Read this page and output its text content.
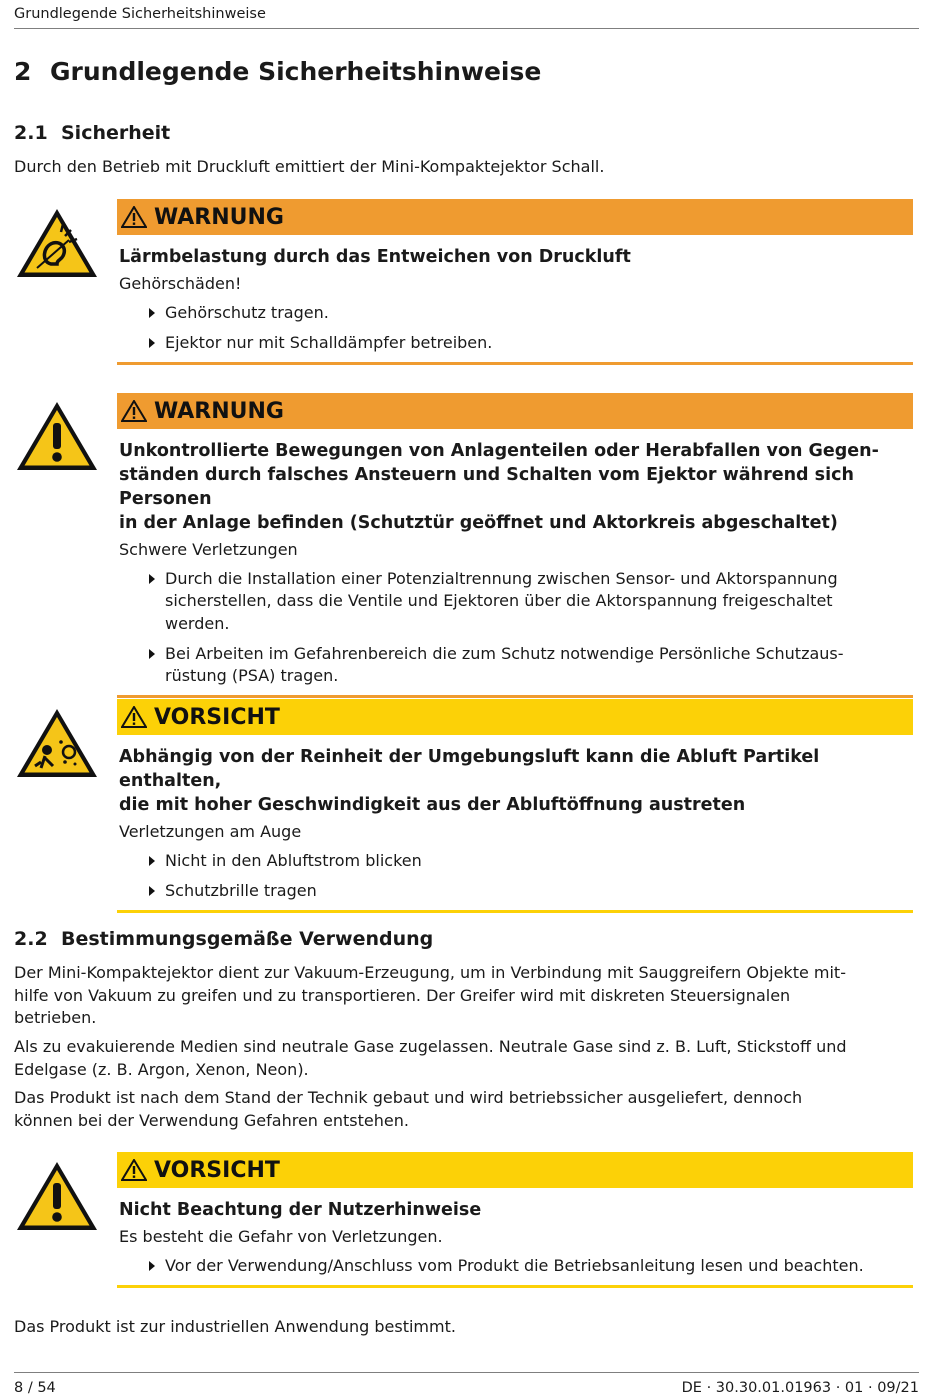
Grundlegende Sicherheitshinweise
2 Grundlegende Sicherheitshinweise
2.1 Sicherheit

Durch den Betrieb mit Druckluft emittiert der Mini-Kompaktejektor Schall.

WARNUNG
Lärmbelastung durch das Entweichen von Druckluft
Gehörschäden!
Gehörschutz tragen.
Ejektor nur mit Schalldämpfer betreiben.
WARNUNG
Unkontrollierte Bewegungen von Anlagenteilen oder Herabfallen von Gegen-
ständen durch falsches Ansteuern und Schalten vom Ejektor während sich Personen
in der Anlage befinden (Schutztür geöffnet und Aktorkreis abgeschaltet)
Schwere Verletzungen
Durch die Installation einer Potenzialtrennung zwischen Sensor- und Aktorspannung
sicherstellen, dass die Ventile und Ejektoren über die Aktorspannung freigeschaltet
werden.
Bei Arbeiten im Gefahrenbereich die zum Schutz notwendige Persönliche Schutzaus-
rüstung (PSA) tragen.
VORSICHT
Abhängig von der Reinheit der Umgebungsluft kann die Abluft Partikel enthalten,
die mit hoher Geschwindigkeit aus der Abluftöffnung austreten
Verletzungen am Auge
Nicht in den Abluftstrom blicken
Schutzbrille tragen
2.2 Bestimmungsgemäße Verwendung

Der Mini-Kompaktejektor dient zur Vakuum-Erzeugung, um in Verbindung mit Sauggreifern Objekte mit-
hilfe von Vakuum zu greifen und zu transportieren. Der Greifer wird mit diskreten Steuersignalen
betrieben.

Als zu evakuierende Medien sind neutrale Gase zugelassen. Neutrale Gase sind z. B. Luft, Stickstoff und
Edelgase (z. B. Argon, Xenon, Neon).

Das Produkt ist nach dem Stand der Technik gebaut und wird betriebssicher ausgeliefert, dennoch
können bei der Verwendung Gefahren entstehen.

VORSICHT
Nicht Beachtung der Nutzerhinweise
Es besteht die Gefahr von Verletzungen.
Vor der Verwendung/Anschluss vom Produkt die Betriebsanleitung lesen und beachten.

Das Produkt ist zur industriellen Anwendung bestimmt.

8 / 54	DE · 30.30.01.01963 · 01 · 09/21
